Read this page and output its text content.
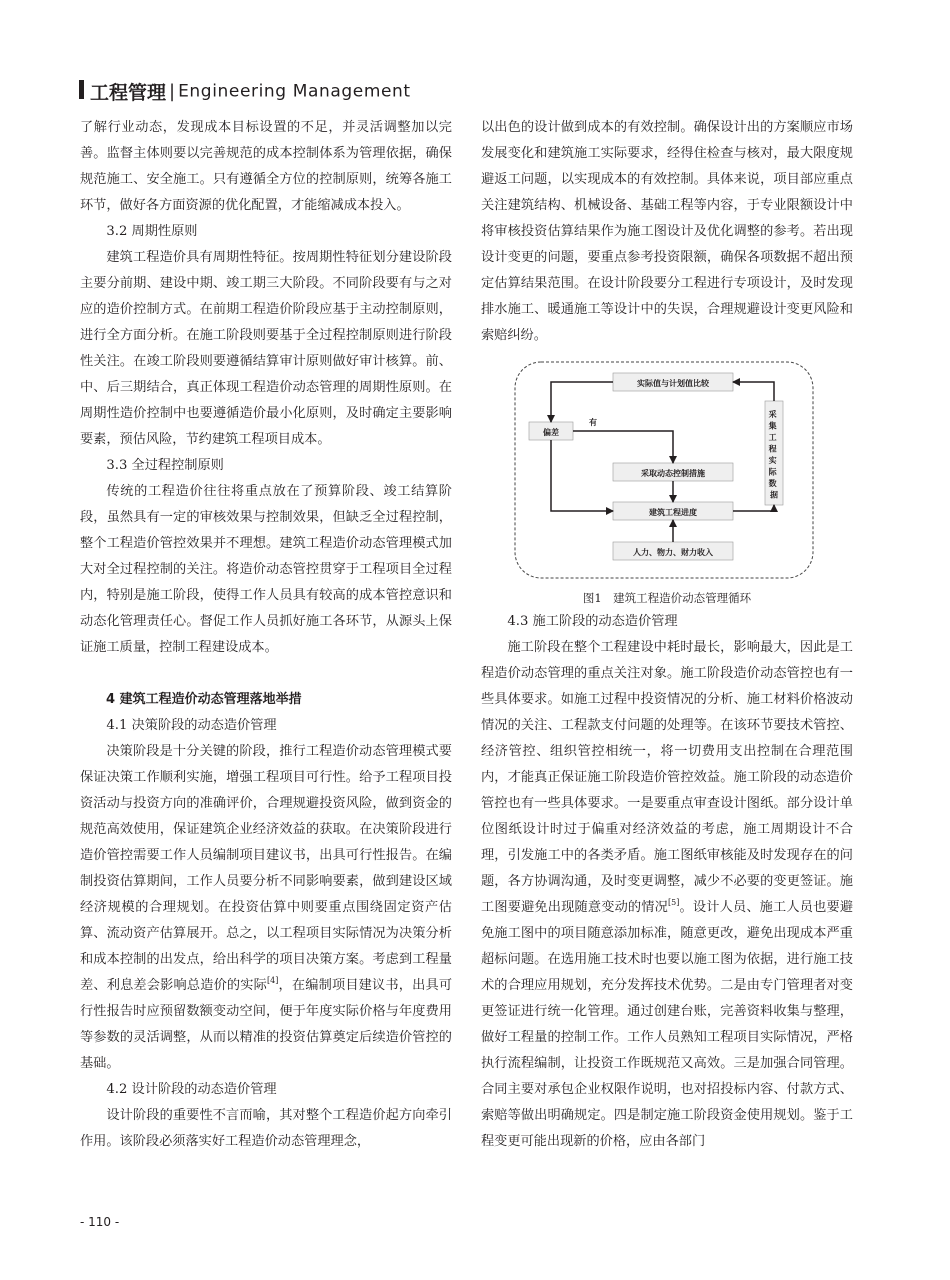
工程管理 | Engineering Management

了解行业动态，发现成本目标设置的不足，并灵活调整加以完善。监督主体则要以完善规范的成本控制体系为管理依据，确保规范施工、安全施工。只有遵循全方位的控制原则，统筹各施工环节，做好各方面资源的优化配置，才能缩减成本投入。

3.2 周期性原则

建筑工程造价具有周期性特征。按周期性特征划分建设阶段主要分前期、建设中期、竣工期三大阶段。不同阶段要有与之对应的造价控制方式。在前期工程造价阶段应基于主动控制原则，进行全方面分析。在施工阶段则要基于全过程控制原则进行阶段性关注。在竣工阶段则要遵循结算审计原则做好审计核算。前、中、后三期结合，真正体现工程造价动态管理的周期性原则。在周期性造价控制中也要遵循造价最小化原则，及时确定主要影响要素，预估风险，节约建筑工程项目成本。

3.3 全过程控制原则

传统的工程造价往往将重点放在了预算阶段、竣工结算阶段，虽然具有一定的审核效果与控制效果，但缺乏全过程控制，整个工程造价管控效果并不理想。建筑工程造价动态管理模式加大对全过程控制的关注。将造价动态管控贯穿于工程项目全过程内，特别是施工阶段，使得工作人员具有较高的成本管控意识和动态化管理责任心。督促工作人员抓好施工各环节，从源头上保证施工质量，控制工程建设成本。

4 建筑工程造价动态管理落地举措
4.1 决策阶段的动态造价管理

决策阶段是十分关键的阶段，推行工程造价动态管理模式要保证决策工作顺利实施，增强工程项目可行性。给予工程项目投资活动与投资方向的准确评价，合理规避投资风险，做到资金的规范高效使用，保证建筑企业经济效益的获取。在决策阶段进行造价管控需要工作人员编制项目建议书，出具可行性报告。在编制投资估算期间，工作人员要分析不同影响要素，做到建设区域经济规模的合理规划。在投资估算中则要重点围绕固定资产估算、流动资产估算展开。总之，以工程项目实际情况为决策分析和成本控制的出发点，给出科学的项目决策方案。考虑到工程量差、利息差会影响总造价的实际[4]，在编制项目建议书，出具可行性报告时应预留数额变动空间，便于年度实际价格与年度费用等参数的灵活调整，从而以精准的投资估算奠定后续造价管控的基础。

4.2 设计阶段的动态造价管理

设计阶段的重要性不言而喻，其对整个工程造价起方向牵引作用。该阶段必须落实好工程造价动态管理理念，

以出色的设计做到成本的有效控制。确保设计出的方案顺应市场发展变化和建筑施工实际要求，经得住检查与核对，最大限度规避返工问题，以实现成本的有效控制。具体来说，项目部应重点关注建筑结构、机械设备、基础工程等内容，于专业限额设计中将审核投资估算结果作为施工图设计及优化调整的参考。若出现设计变更的问题，要重点参考投资限额，确保各项数据不超出预定估算结果范围。在设计阶段要分工程进行专项设计，及时发现排水施工、暖通施工等设计中的失误，合理规避设计变更风险和索赔纠纷。

实际值与计划值比较
偏差
有
采取动态控制措施
建筑工程进度
人力、物力、财力收入
采 集 工 程 实 际 数 据
图1　建筑工程造价动态管理循环
4.3 施工阶段的动态造价管理

施工阶段在整个工程建设中耗时最长，影响最大，因此是工程造价动态管理的重点关注对象。施工阶段造价动态管控也有一些具体要求。如施工过程中投资情况的分析、施工材料价格波动情况的关注、工程款支付问题的处理等。在该环节要技术管控、经济管控、组织管控相统一，将一切费用支出控制在合理范围内，才能真正保证施工阶段造价管控效益。施工阶段的动态造价管控也有一些具体要求。一是要重点审查设计图纸。部分设计单位图纸设计时过于偏重对经济效益的考虑，施工周期设计不合理，引发施工中的各类矛盾。施工图纸审核能及时发现存在的问题，各方协调沟通，及时变更调整，减少不必要的变更签证。施工图要避免出现随意变动的情况[5]。设计人员、施工人员也要避免施工图中的项目随意添加标准，随意更改，避免出现成本严重超标问题。在选用施工技术时也要以施工图为依据，进行施工技术的合理应用规划，充分发挥技术优势。二是由专门管理者对变更签证进行统一化管理。通过创建台账，完善资料收集与整理，做好工程量的控制工作。工作人员熟知工程项目实际情况，严格执行流程编制，让投资工作既规范又高效。三是加强合同管理。合同主要对承包企业权限作说明，也对招投标内容、付款方式、索赔等做出明确规定。四是制定施工阶段资金使用规划。鉴于工程变更可能出现新的价格，应由各部门

- 110 -
